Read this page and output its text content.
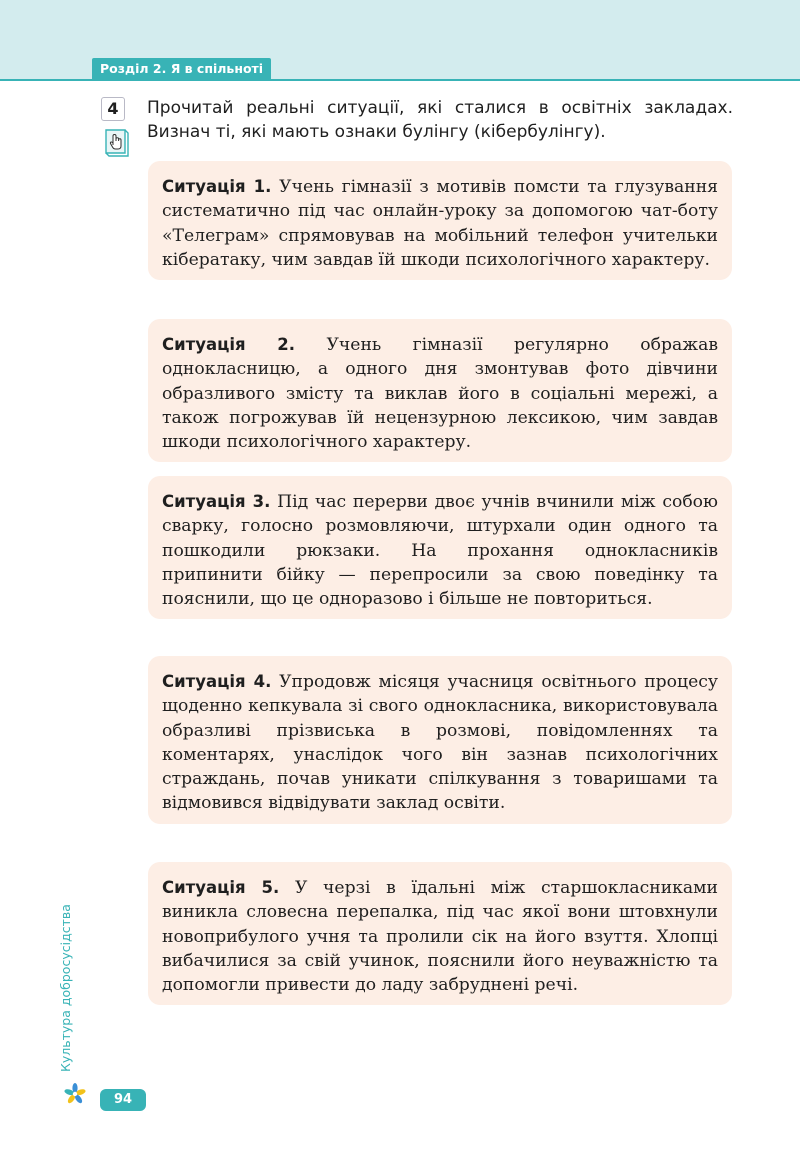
Розділ 2. Я в спільноті
4	Прочитай реальні ситуації, які сталися в освітніх закладах. Визнач ті, які мають ознаки булінгу (кібербулінгу).

Ситуація 1. Учень гімназії з мотивів помсти та глузування систематично під час онлайн-уроку за допомогою чат-боту «Телеграм» спрямовував на мобільний телефон учительки кібератаку, чим завдав їй шкоди психологічного характеру.

Ситуація 2. Учень гімназії регулярно ображав однокласницю, а одного дня змонтував фото дівчини образливого змісту та виклав його в соціальні мережі, а також погрожував їй нецензурною лексикою, чим завдав шкоди психологічного характеру.

Ситуація 3. Під час перерви двоє учнів вчинили між собою сварку, голосно розмовляючи, штурхали один одного та пошкодили рюкзаки. На прохання однокласників припинити бійку — перепросили за свою поведінку та пояснили, що це одноразово і більше не повториться.

Ситуація 4. Упродовж місяця учасниця освітнього процесу щоденно кепкувала зі свого однокласника, використовувала образливі прізвиська в розмові, повідомленнях та коментарях, унаслідок чого він зазнав психологічних страждань, почав уникати спілкування з товаришами та відмовився відвідувати заклад освіти.

Ситуація 5. У черзі в їдальні між старшокласниками виникла словесна перепалка, під час якої вони штовхнули новоприбулого учня та пролили сік на його взуття. Хлопці вибачилися за свій учинок, пояснили його неуважністю та допомогли привести до ладу забруднені речі.

Культура добросусідства
94
